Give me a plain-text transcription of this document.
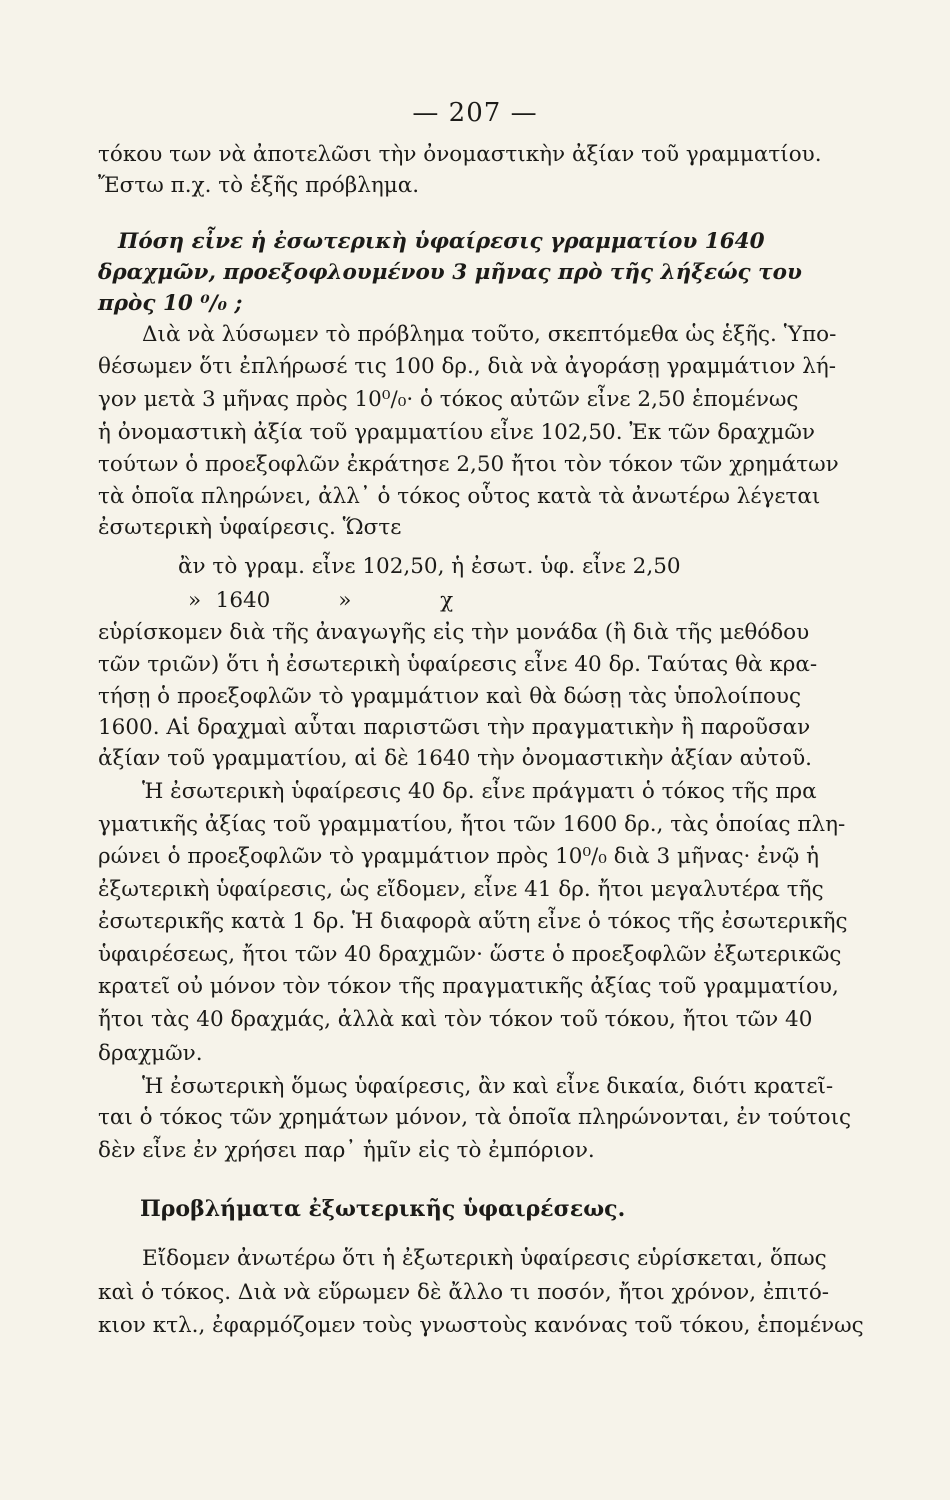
— 207 —
τόκου των νὰ ἀποτελῶσι τὴν ὀνομαστικὴν ἀξίαν τοῦ γραμματίου.
Ἔστω π.χ. τὸ ἑξῆς πρόβλημα.
Πόση εἶνε ἡ ἐσωτερικὴ ὑφαίρεσις γραμματίου 1640
δραχμῶν, προεξοφλουμένου 3 μῆνας πρὸ τῆς λήξεώς του
πρὸς 10 ⁰/₀ ;
Διὰ νὰ λύσωμεν τὸ πρόβλημα τοῦτο, σκεπτόμεθα ὡς ἑξῆς. Ὑπο-
θέσωμεν ὅτι ἐπλήρωσέ τις 100 δρ., διὰ νὰ ἀγοράσῃ γραμμάτιον λή-
γον μετὰ 3 μῆνας πρὸς 10⁰/₀· ὁ τόκος αὐτῶν εἶνε 2,50 ἑπομένως
ἡ ὀνομαστικὴ ἀξία τοῦ γραμματίου εἶνε 102,50. Ἐκ τῶν δραχμῶν
τούτων ὁ προεξοφλῶν ἐκράτησε 2,50 ἤτοι τὸν τόκον τῶν χρημάτων
τὰ ὁποῖα πληρώνει, ἀλλ᾿ ὁ τόκος οὗτος κατὰ τὰ ἀνωτέρω λέγεται
ἐσωτερικὴ ὑφαίρεσις. Ὥστε
ἂν τὸ γραμ. εἶνε 102,50, ἡ ἐσωτ. ὑφ. εἶνε 2,50
» 1640	»	χ
εὑρίσκομεν διὰ τῆς ἀναγωγῆς εἰς τὴν μονάδα (ἢ διὰ τῆς μεθόδου
τῶν τριῶν) ὅτι ἡ ἐσωτερικὴ ὑφαίρεσις εἶνε 40 δρ. Ταύτας θὰ κρα-
τήσῃ ὁ προεξοφλῶν τὸ γραμμάτιον καὶ θὰ δώσῃ τὰς ὑπολοίπους
1600. Αἱ δραχμαὶ αὗται παριστῶσι τὴν πραγματικὴν ἢ παροῦσαν
ἀξίαν τοῦ γραμματίου, αἱ δὲ 1640 τὴν ὀνομαστικὴν ἀξίαν αὐτοῦ.
Ἡ ἐσωτερικὴ ὑφαίρεσις 40 δρ. εἶνε πράγματι ὁ τόκος τῆς πρα
γματικῆς ἀξίας τοῦ γραμματίου, ἤτοι τῶν 1600 δρ., τὰς ὁποίας πλη-
ρώνει ὁ προεξοφλῶν τὸ γραμμάτιον πρὸς 10⁰/₀ διὰ 3 μῆνας· ἐνῷ ἡ
ἐξωτερικὴ ὑφαίρεσις, ὡς εἴδομεν, εἶνε 41 δρ. ἤτοι μεγαλυτέρα τῆς
ἐσωτερικῆς κατὰ 1 δρ. Ἡ διαφορὰ αὕτη εἶνε ὁ τόκος τῆς ἐσωτερικῆς
ὑφαιρέσεως, ἤτοι τῶν 40 δραχμῶν· ὥστε ὁ προεξοφλῶν ἐξωτερικῶς
κρατεῖ οὐ μόνον τὸν τόκον τῆς πραγματικῆς ἀξίας τοῦ γραμματίου,
ἤτοι τὰς 40 δραχμάς, ἀλλὰ καὶ τὸν τόκον τοῦ τόκου, ἤτοι τῶν 40
δραχμῶν.
Ἡ ἐσωτερικὴ ὅμως ὑφαίρεσις, ἂν καὶ εἶνε δικαία, διότι κρατεῖ-
ται ὁ τόκος τῶν χρημάτων μόνον, τὰ ὁποῖα πληρώνονται, ἐν τούτοις
δὲν εἶνε ἐν χρήσει παρ᾿ ἡμῖν εἰς τὸ ἐμπόριον.
Προβλήματα ἐξωτερικῆς ὑφαιρέσεως.
Εἴδομεν ἀνωτέρω ὅτι ἡ ἐξωτερικὴ ὑφαίρεσις εὑρίσκεται, ὅπως
καὶ ὁ τόκος. Διὰ νὰ εὕρωμεν δὲ ἄλλο τι ποσόν, ἤτοι χρόνον, ἐπιτό-
κιον κτλ., ἐφαρμόζομεν τοὺς γνωστοὺς κανόνας τοῦ τόκου, ἑπομένως
